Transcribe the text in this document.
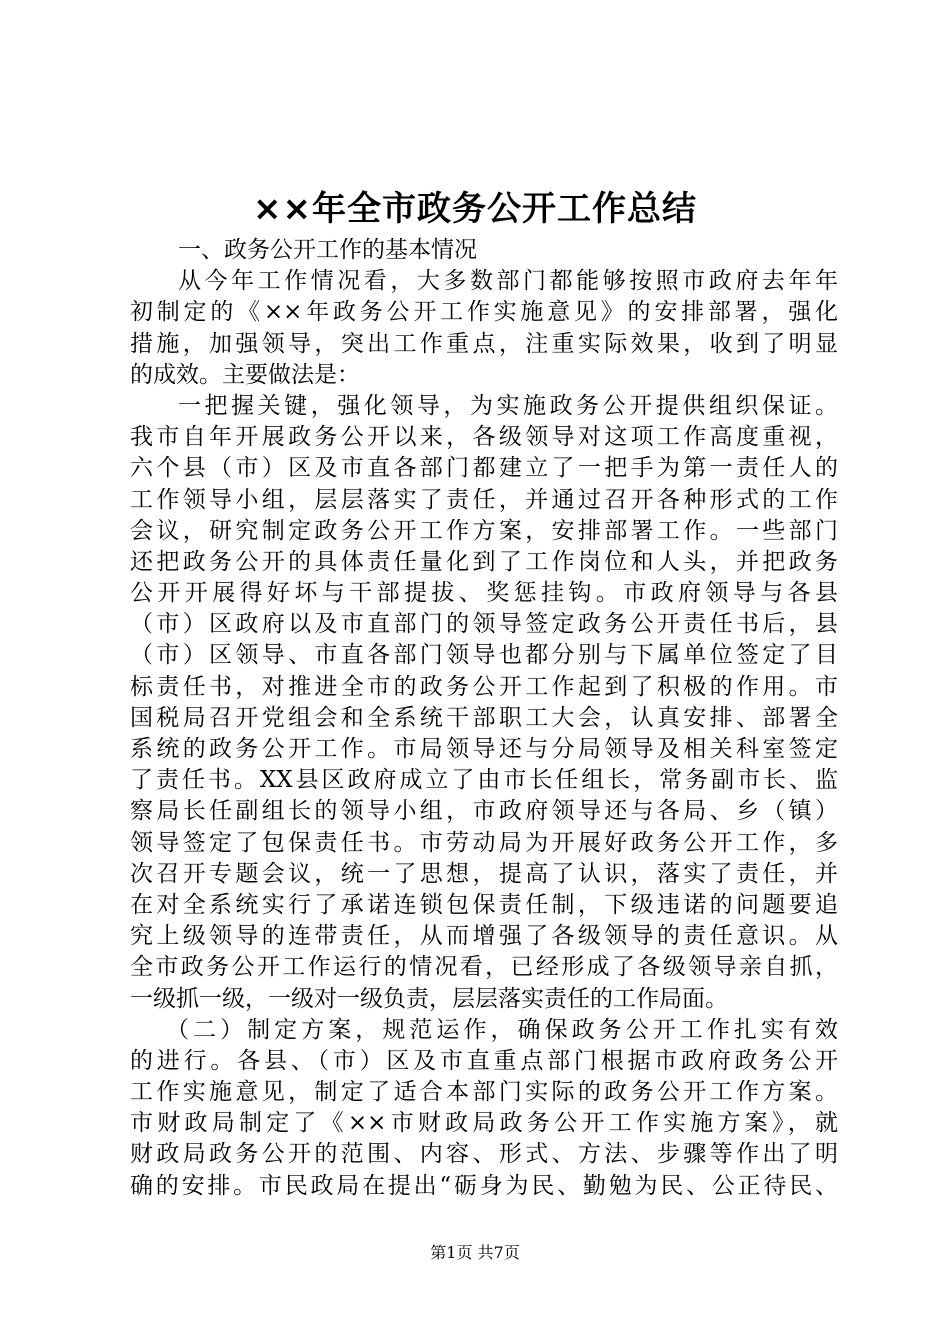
××年全市政务公开工作总结
一、政务公开工作的基本情况
从今年工作情况看，大多数部门都能够按照市政府去年年
初制定的《××年政务公开工作实施意见》的安排部署，强化
措施，加强领导，突出工作重点，注重实际效果，收到了明显
的成效。主要做法是：
一把握关键，强化领导，为实施政务公开提供组织保证。
我市自年开展政务公开以来，各级领导对这项工作高度重视，
六个县（市）区及市直各部门都建立了一把手为第一责任人的
工作领导小组，层层落实了责任，并通过召开各种形式的工作
会议，研究制定政务公开工作方案，安排部署工作。一些部门
还把政务公开的具体责任量化到了工作岗位和人头，并把政务
公开开展得好坏与干部提拔、奖惩挂钩。市政府领导与各县
（市）区政府以及市直部门的领导签定政务公开责任书后，县
（市）区领导、市直各部门领导也都分别与下属单位签定了目
标责任书，对推进全市的政务公开工作起到了积极的作用。市
国税局召开党组会和全系统干部职工大会，认真安排、部署全
系统的政务公开工作。市局领导还与分局领导及相关科室签定
了责任书。XX县区政府成立了由市长任组长，常务副市长、监
察局长任副组长的领导小组，市政府领导还与各局、乡（镇）
领导签定了包保责任书。市劳动局为开展好政务公开工作，多
次召开专题会议，统一了思想，提高了认识，落实了责任，并
在对全系统实行了承诺连锁包保责任制，下级违诺的问题要追
究上级领导的连带责任，从而增强了各级领导的责任意识。从
全市政务公开工作运行的情况看，已经形成了各级领导亲自抓，
一级抓一级，一级对一级负责，层层落实责任的工作局面。
（二）制定方案，规范运作，确保政务公开工作扎实有效
的进行。各县、（市）区及市直重点部门根据市政府政务公开
工作实施意见，制定了适合本部门实际的政务公开工作方案。
市财政局制定了《××市财政局政务公开工作实施方案》，就
财政局政务公开的范围、内容、形式、方法、步骤等作出了明
确的安排。市民政局在提出“砺身为民、勤勉为民、公正待民、
第1页 共7页
